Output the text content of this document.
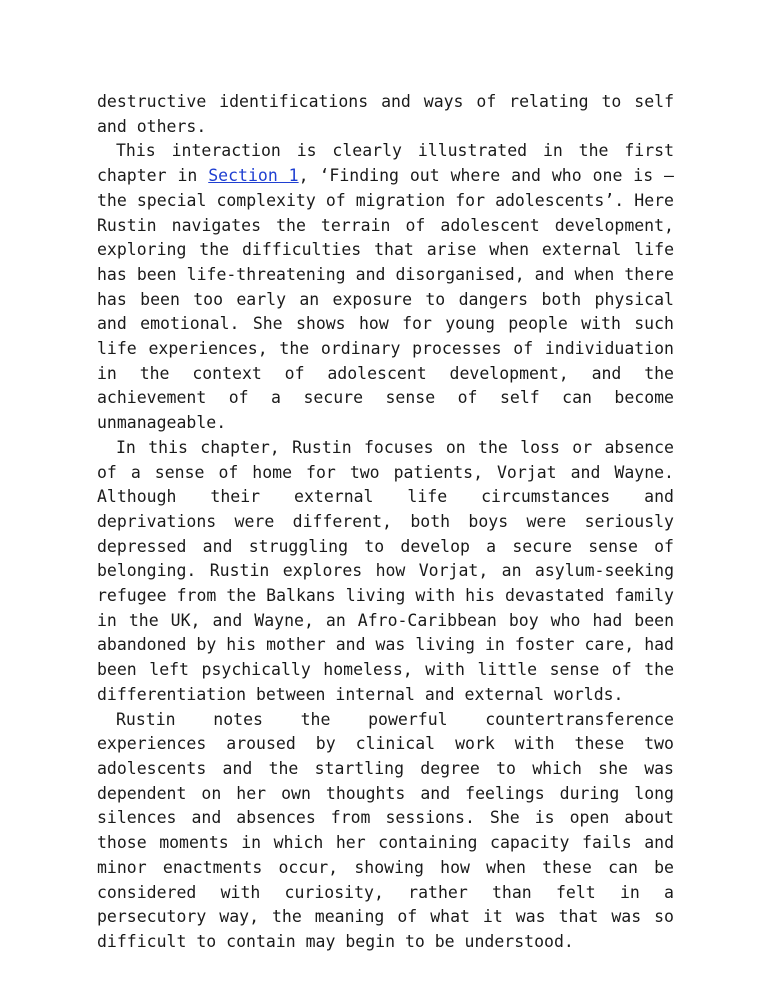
destructive identifications and ways of relating to self and others.

This interaction is clearly illustrated in the first chapter in Section 1, ‘Finding out where and who one is – the special complexity of migration for adolescents’. Here Rustin navigates the terrain of adolescent development, exploring the difficulties that arise when external life has been life-threatening and disorganised, and when there has been too early an exposure to dangers both physical and emotional. She shows how for young people with such life experiences, the ordinary processes of individuation in the context of adolescent development, and the achievement of a secure sense of self can become unmanageable.

In this chapter, Rustin focuses on the loss or absence of a sense of home for two patients, Vorjat and Wayne. Although their external life circumstances and deprivations were different, both boys were seriously depressed and struggling to develop a secure sense of belonging. Rustin explores how Vorjat, an asylum-seeking refugee from the Balkans living with his devastated family in the UK, and Wayne, an Afro-Caribbean boy who had been abandoned by his mother and was living in foster care, had been left psychically homeless, with little sense of the differentiation between internal and external worlds.

Rustin notes the powerful countertransference experiences aroused by clinical work with these two adolescents and the startling degree to which she was dependent on her own thoughts and feelings during long silences and absences from sessions. She is open about those moments in which her containing capacity fails and minor enactments occur, showing how when these can be considered with curiosity, rather than felt in a persecutory way, the meaning of what it was that was so difficult to contain may begin to be understood.
